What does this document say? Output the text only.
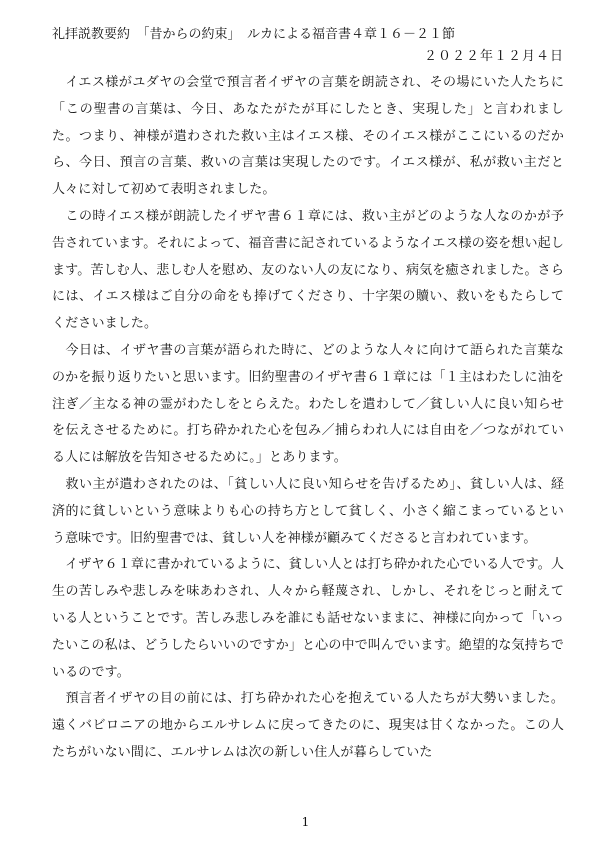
礼拝説教要約　「昔からの約束」　ルカによる福音書４章１６－２１節

２０２２年１２月４日

　イエス様がユダヤの会堂で預言者イザヤの言葉を朗読され、その場にいた人たちに「この聖書の言葉は、今日、あなたがたが耳にしたとき、実現した」と言われました。つまり、神様が遣わされた救い主はイエス様、そのイエス様がここにいるのだから、今日、預言の言葉、救いの言葉は実現したのです。イエス様が、私が救い主だと人々に対して初めて表明されました。
　この時イエス様が朗読したイザヤ書６１章には、救い主がどのような人なのかが予告されています。それによって、福音書に記されているようなイエス様の姿を想い起します。苦しむ人、悲しむ人を慰め、友のない人の友になり、病気を癒されました。さらには、イエス様はご自分の命をも捧げてくださり、十字架の贖い、救いをもたらしてくださいました。
　今日は、イザヤ書の言葉が語られた時に、どのような人々に向けて語られた言葉なのかを振り返りたいと思います。旧約聖書のイザヤ書６１章には「１主はわたしに油を注ぎ／主なる神の霊がわたしをとらえた。わたしを遣わして／貧しい人に良い知らせを伝えさせるために。打ち砕かれた心を包み／捕らわれ人には自由を／つながれている人には解放を告知させるために。」とあります。
　救い主が遣わされたのは、「貧しい人に良い知らせを告げるため」、貧しい人は、経済的に貧しいという意味よりも心の持ち方として貧しく、小さく縮こまっているという意味です。旧約聖書では、貧しい人を神様が顧みてくださると言われています。
　イザヤ６１章に書かれているように、貧しい人とは打ち砕かれた心でいる人です。人生の苦しみや悲しみを味あわされ、人々から軽蔑され、しかし、それをじっと耐えている人ということです。苦しみ悲しみを誰にも話せないままに、神様に向かって「いったいこの私は、どうしたらいいのですか」と心の中で叫んでいます。絶望的な気持ちでいるのです。
　預言者イザヤの目の前には、打ち砕かれた心を抱えている人たちが大勢いました。遠くバビロニアの地からエルサレムに戻ってきたのに、現実は甘くなかった。この人たちがいない間に、エルサレムは次の新しい住人が暮らしていた

1
